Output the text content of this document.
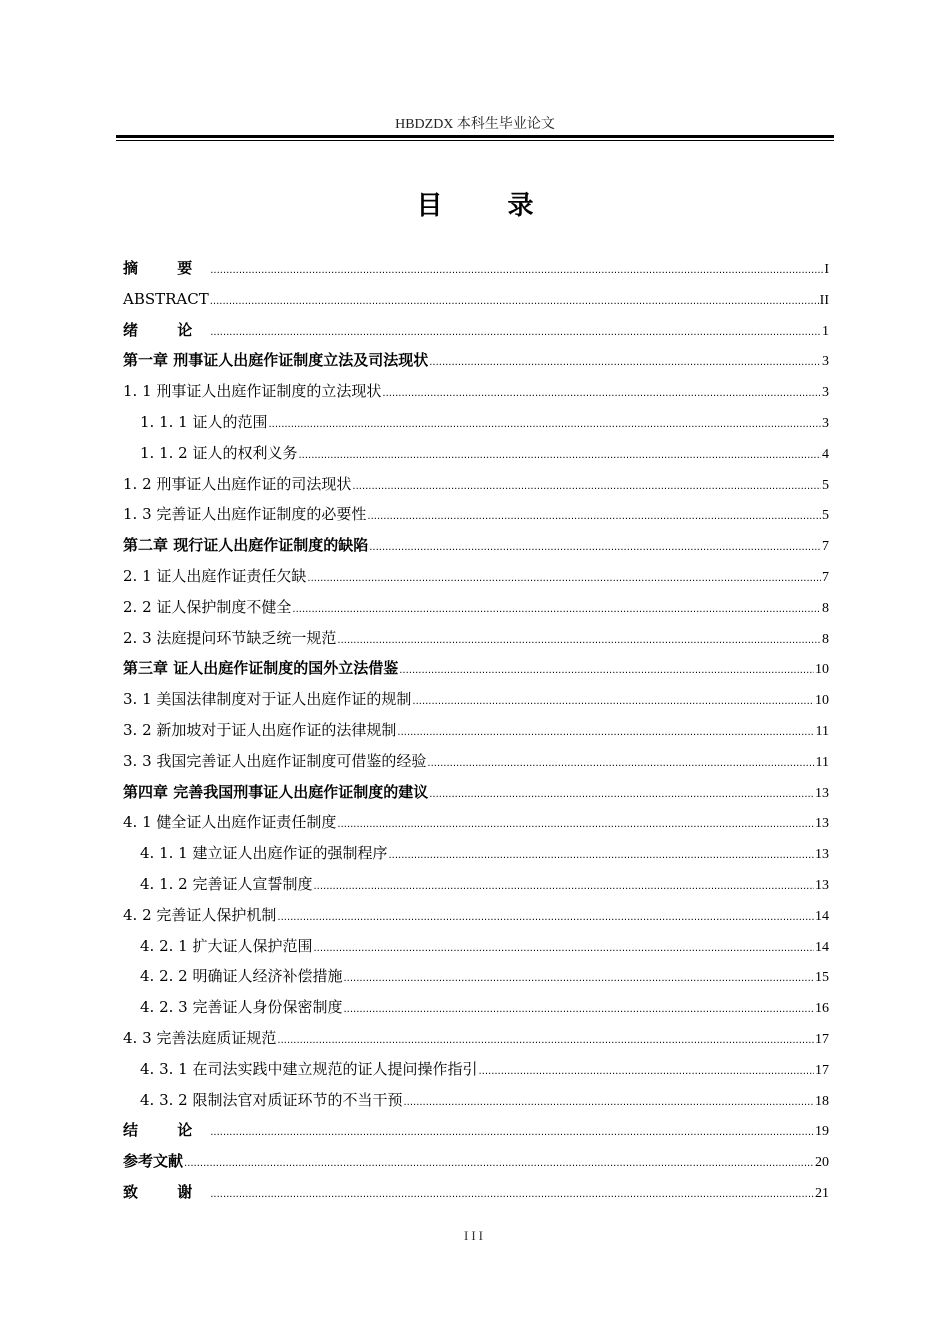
HBDZDX 本科生毕业论文
目 录
摘 要 .....	I
ABSTRACT .....	II
绪 论 .....	1
第一章 刑事证人出庭作证制度立法及司法现状 .....	3
1. 1 刑事证人出庭作证制度的立法现状 .....	3
1. 1. 1 证人的范围 .....	3
1. 1. 2 证人的权利义务 .....	4
1. 2 刑事证人出庭作证的司法现状 .....	5
1. 3 完善证人出庭作证制度的必要性 .....	5
第二章 现行证人出庭作证制度的缺陷 .....	7
2. 1 证人出庭作证责任欠缺 .....	7
2. 2 证人保护制度不健全 .....	8
2. 3 法庭提问环节缺乏统一规范 .....	8
第三章 证人出庭作证制度的国外立法借鉴 .....	10
3. 1 美国法律制度对于证人出庭作证的规制 .....	10
3. 2 新加坡对于证人出庭作证的法律规制 .....	11
3. 3 我国完善证人出庭作证制度可借鉴的经验 .....	11
第四章 完善我国刑事证人出庭作证制度的建议 .....	13
4. 1 健全证人出庭作证责任制度 .....	13
4. 1. 1 建立证人出庭作证的强制程序 .....	13
4. 1. 2 完善证人宣誓制度 .....	13
4. 2 完善证人保护机制 .....	14
4. 2. 1 扩大证人保护范围 .....	14
4. 2. 2 明确证人经济补偿措施 .....	15
4. 2. 3 完善证人身份保密制度 .....	16
4. 3 完善法庭质证规范 .....	17
4. 3. 1 在司法实践中建立规范的证人提问操作指引 .....	17
4. 3. 2 限制法官对质证环节的不当干预 .....	18
结 论 .....	19
参考文献 .....	20
致 谢 .....	21
III
